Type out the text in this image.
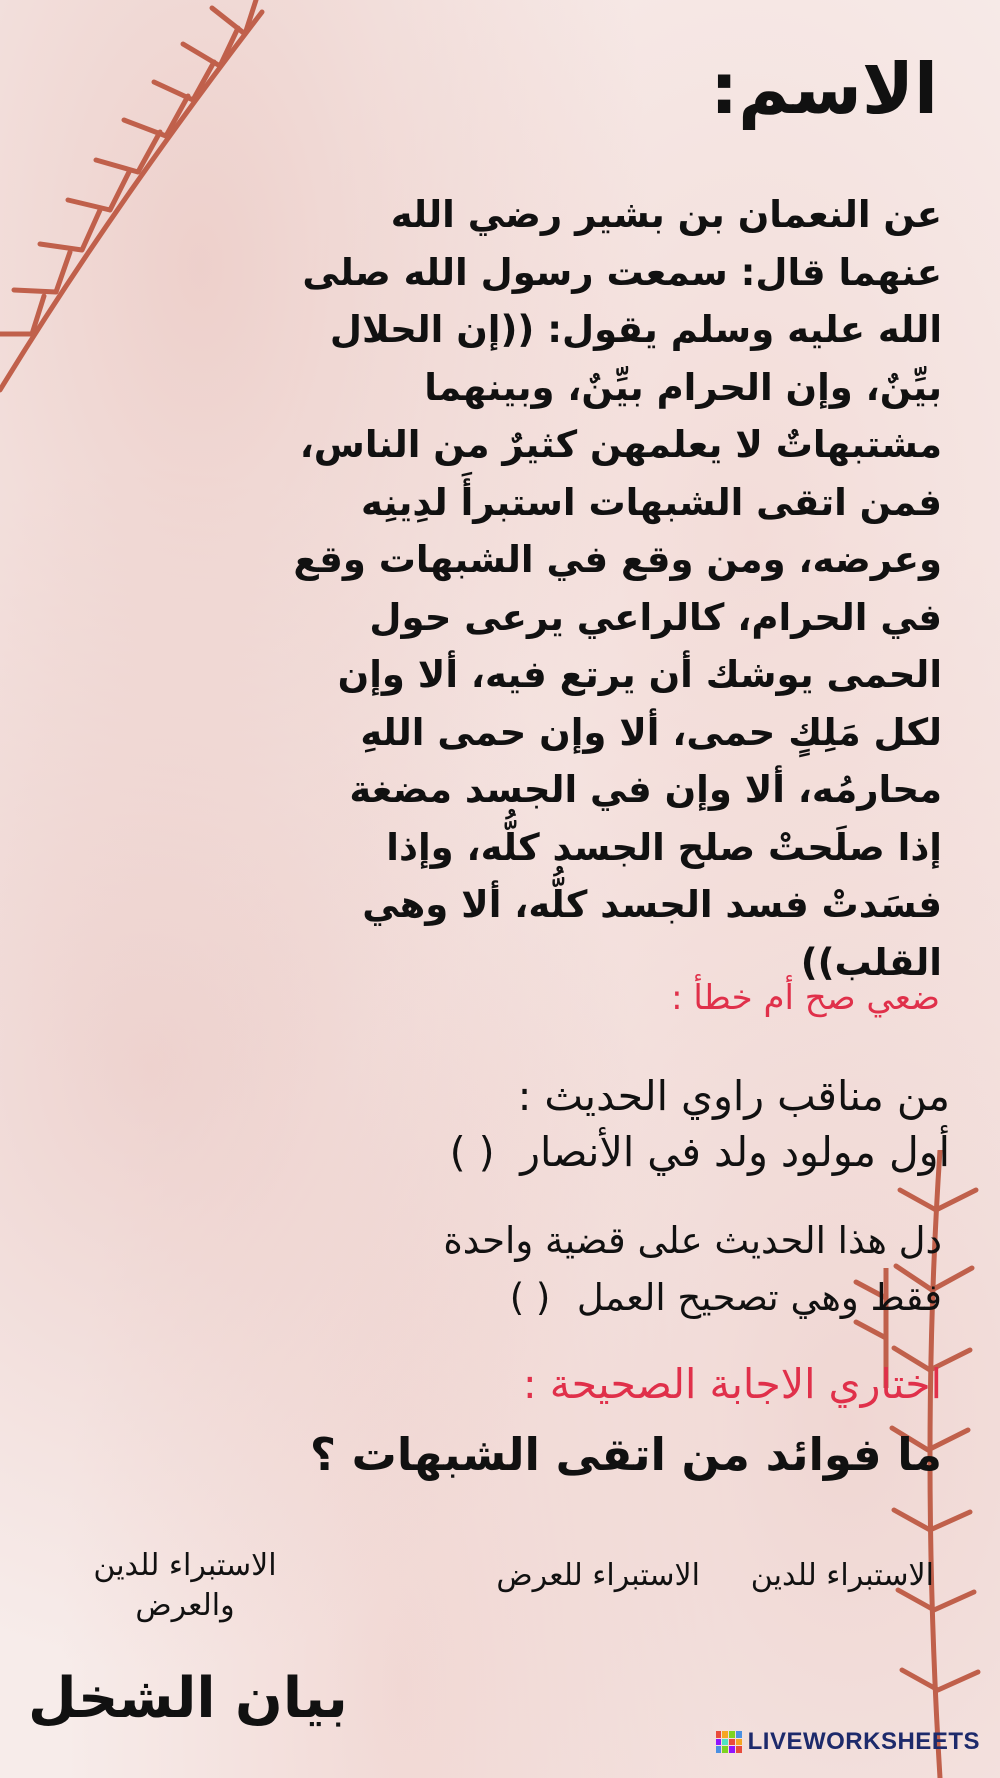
الاسم:
عن النعمان بن بشير رضي الله
عنهما قال: سمعت رسول الله صلى
الله عليه وسلم يقول: ((إن الحلال
بيِّنٌ، وإن الحرام بيِّنٌ، وبينهما
مشتبهاتٌ لا يعلمهن كثيرٌ من الناس،
فمن اتقى الشبهات استبرأَ لدِينِه
وعرضه، ومن وقع في الشبهات وقع
في الحرام، كالراعي يرعى حول
الحمى يوشك أن يرتع فيه، ألا وإن
لكل مَلِكٍ حمى، ألا وإن حمى اللهِ
محارمُه، ألا وإن في الجسد مضغة
إذا صلَحتْ صلح الجسد كلُّه، وإذا
فسَدتْ فسد الجسد كلُّه، ألا وهي
القلب))
ضعي صح أم خطأ :
من مناقب راوي الحديث :
أول مولود ولد في الأنصار ( )
دل هذا الحديث على قضية واحدة
فقط وهي تصحيح العمل ( )
اختاري الاجابة الصحيحة :
ما فوائد من اتقى الشبهات ؟
الاستبراء للدين
الاستبراء للعرض
الاستبراء للدين والعرض
بيان الشخل
LIVEWORKSHEETS
